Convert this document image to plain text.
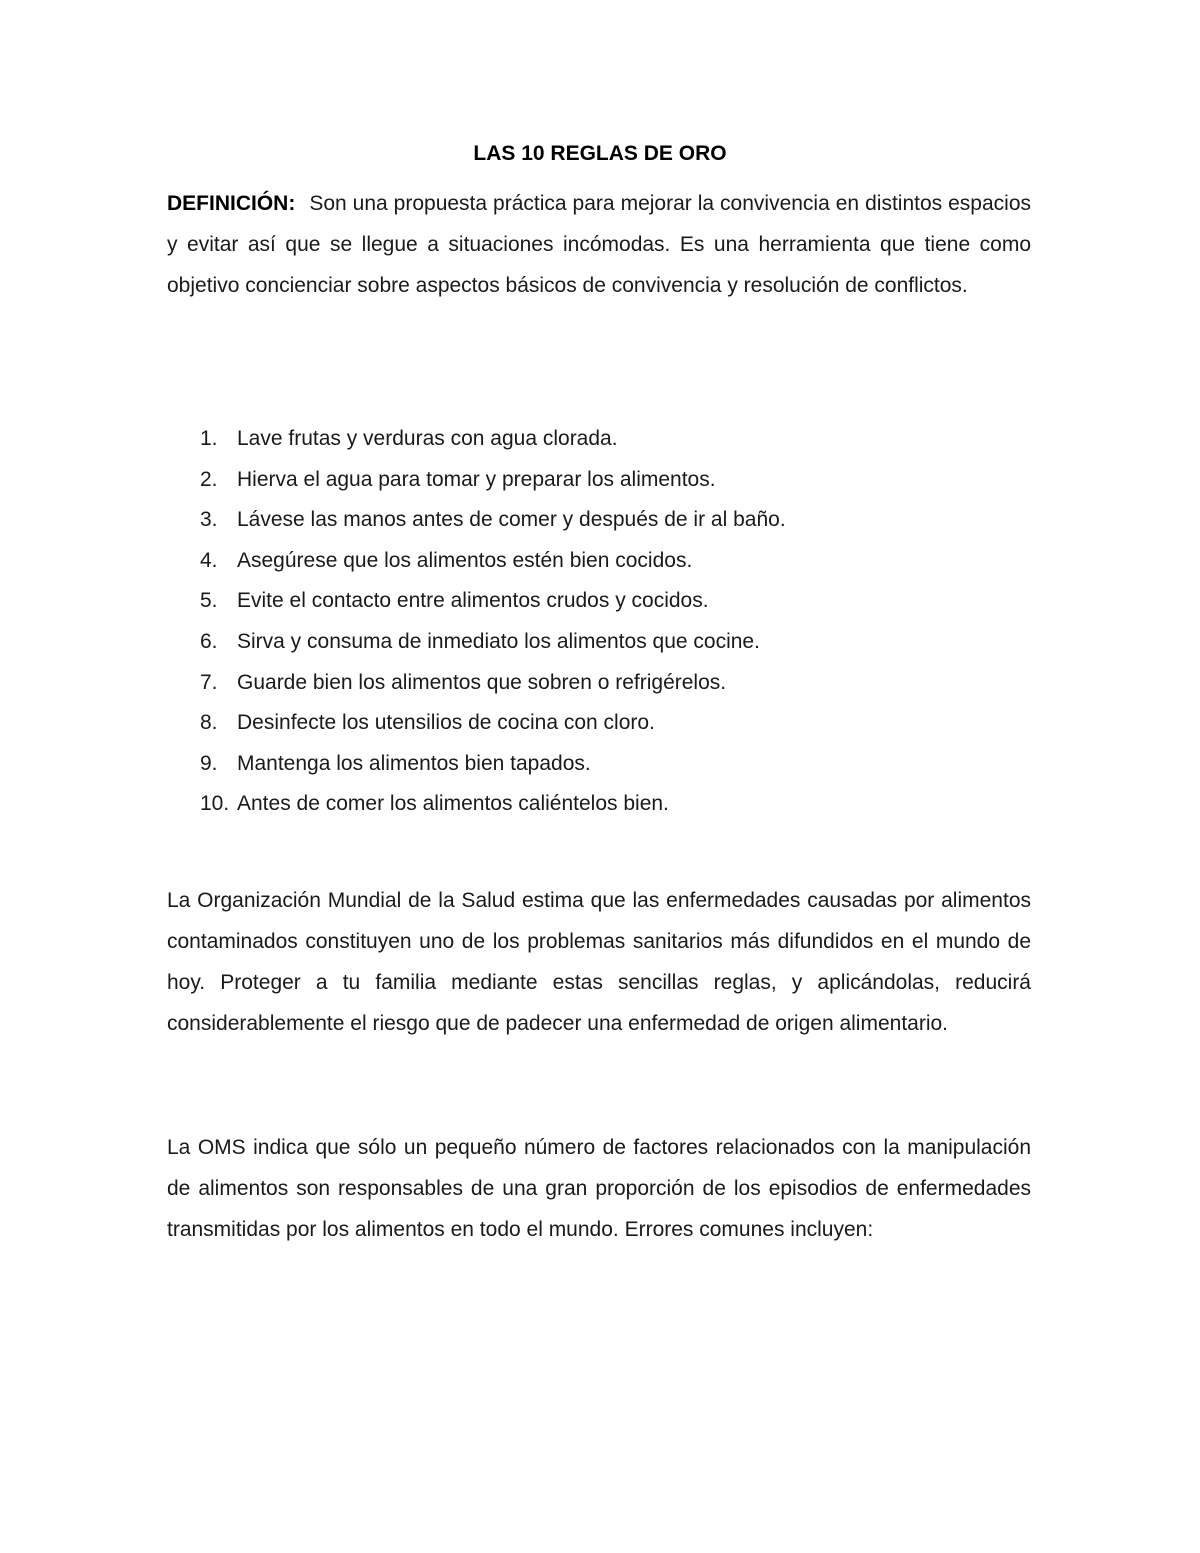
LAS 10 REGLAS DE ORO
DEFINICIÓN: Son una propuesta práctica para mejorar la convivencia en distintos espacios y evitar así que se llegue a situaciones incómodas. Es una herramienta que tiene como objetivo concienciar sobre aspectos básicos de convivencia y resolución de conflictos.
1. Lave frutas y verduras con agua clorada.
2. Hierva el agua para tomar y preparar los alimentos.
3. Lávese las manos antes de comer y después de ir al baño.
4. Asegúrese que los alimentos estén bien cocidos.
5. Evite el contacto entre alimentos crudos y cocidos.
6. Sirva y consuma de inmediato los alimentos que cocine.
7. Guarde bien los alimentos que sobren o refrigérelos.
8. Desinfecte los utensilios de cocina con cloro.
9. Mantenga los alimentos bien tapados.
10. Antes de comer los alimentos caliéntelos bien.

La Organización Mundial de la Salud estima que las enfermedades causadas por alimentos contaminados constituyen uno de los problemas sanitarios más difundidos en el mundo de hoy. Proteger a tu familia mediante estas sencillas reglas, y aplicándolas, reducirá considerablemente el riesgo que de padecer una enfermedad de origen alimentario.

La OMS indica que sólo un pequeño número de factores relacionados con la manipulación de alimentos son responsables de una gran proporción de los episodios de enfermedades transmitidas por los alimentos en todo el mundo. Errores comunes incluyen:
